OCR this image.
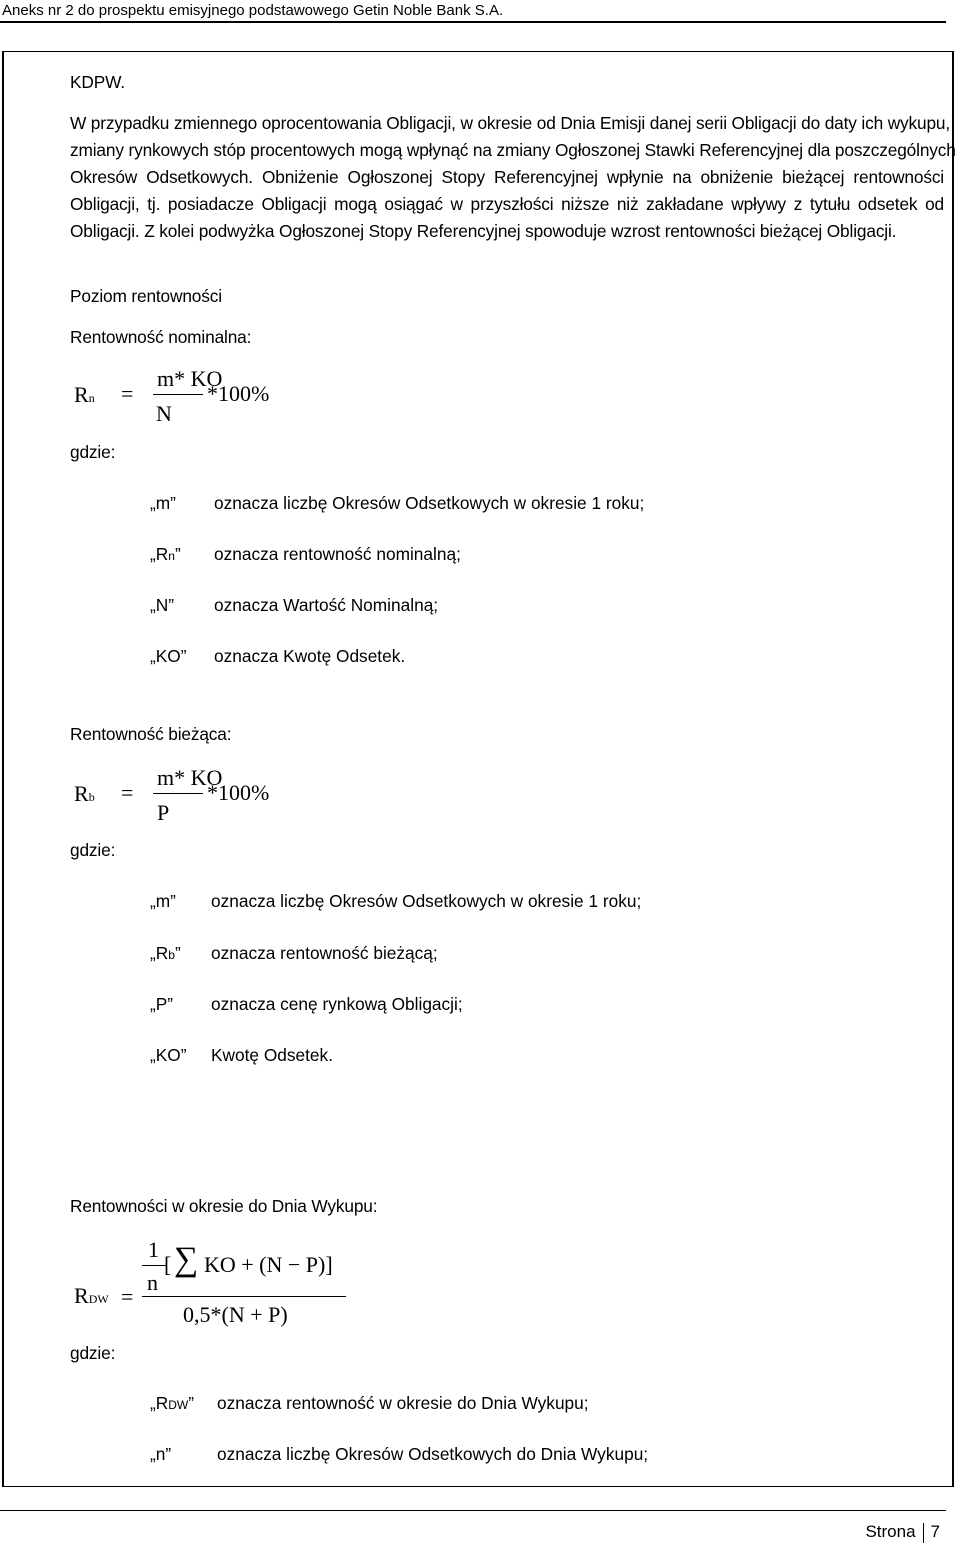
Aneks nr 2 do prospektu emisyjnego podstawowego Getin Noble Bank S.A.
KDPW.
W przypadku zmiennego oprocentowania Obligacji, w okresie od Dnia Emisji danej serii Obligacji do daty ich wykupu,
zmiany rynkowych stóp procentowych mogą wpłynąć na zmiany Ogłoszonej Stawki Referencyjnej dla poszczególnych
Okresów Odsetkowych. Obniżenie Ogłoszonej Stopy Referencyjnej wpłynie na obniżenie bieżącej rentowności
Obligacji, tj. posiadacze Obligacji mogą osiągać w przyszłości niższe niż zakładane wpływy z tytułu odsetek od
Obligacji. Z kolei podwyżka Ogłoszonej Stopy Referencyjnej spowoduje wzrost rentowności bieżącej Obligacji.
Poziom rentowności
Rentowność nominalna:
Rn =
m* KO
N
*100%
gdzie:
„m” oznacza liczbę Okresów Odsetkowych w okresie 1 roku;
„Rn” oznacza rentowność nominalną;
„N” oznacza Wartość Nominalną;
„KO” oznacza Kwotę Odsetek.
Rentowność bieżąca:
Rb =
m* KO
P
*100%
gdzie:
„m” oznacza liczbę Okresów Odsetkowych w okresie 1 roku;
„Rb” oznacza rentowność bieżącą;
„P” oznacza cenę rynkową Obligacji;
„KO” Kwotę Odsetek.
Rentowności w okresie do Dnia Wykupu:
RDW =
1
n
[ ∑ KO + (N − P)]
0,5*(N + P)
gdzie:
„RDW” oznacza rentowność w okresie do Dnia Wykupu;
„n”	oznacza liczbę Okresów Odsetkowych do Dnia Wykupu;
Strona 7
